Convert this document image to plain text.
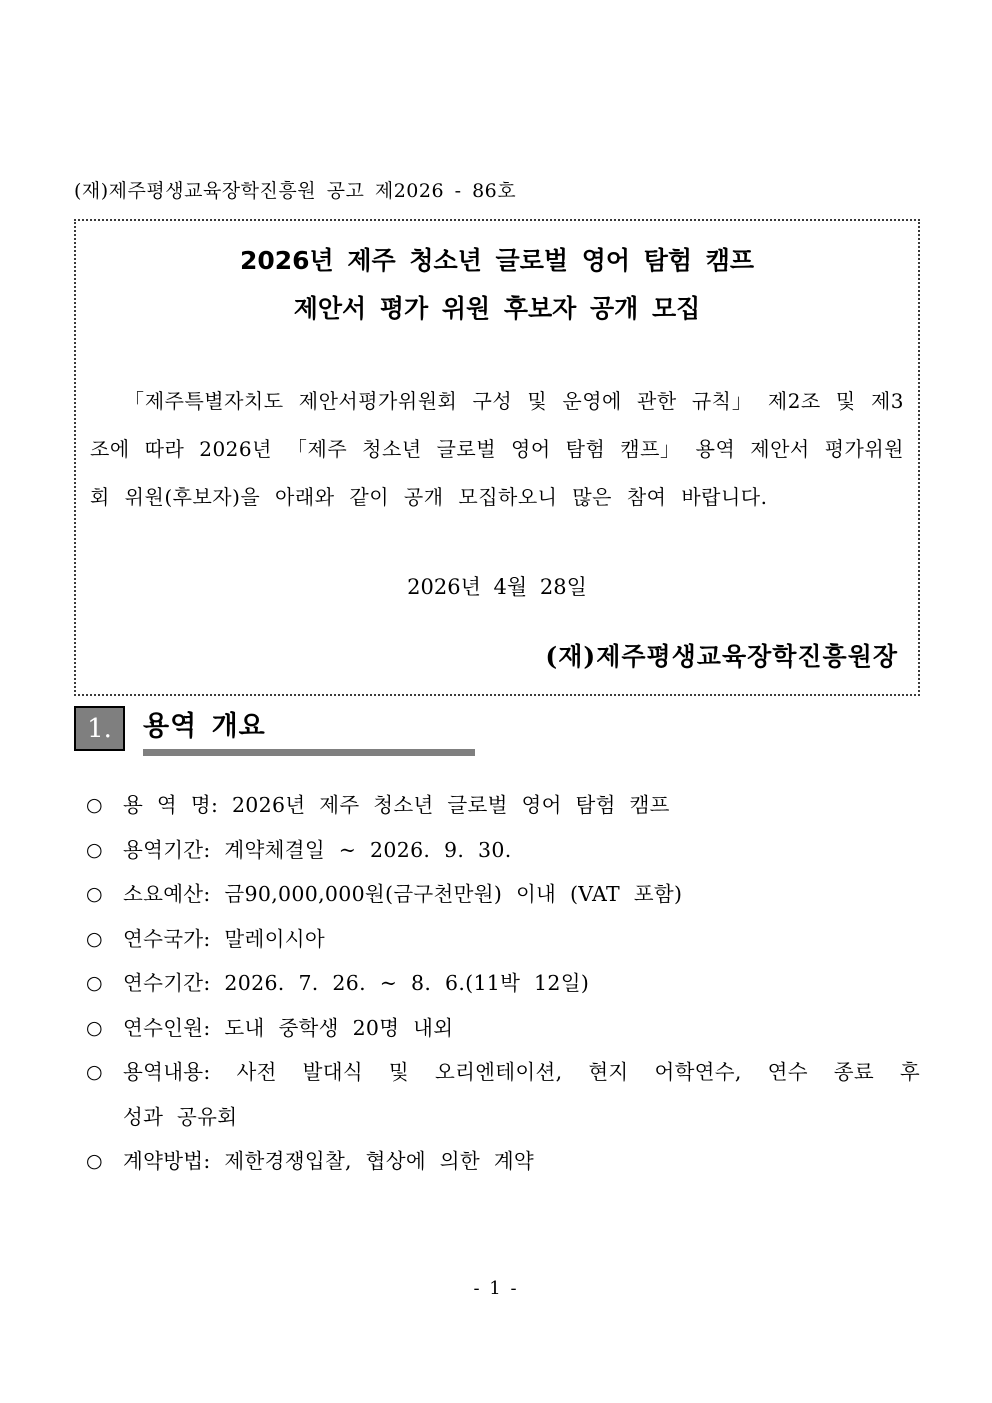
(재)제주평생교육장학진흥원 공고 제2026 - 86호
2026년 제주 청소년 글로벌 영어 탐험 캠프
제안서 평가 위원 후보자 공개 모집
「제주특별자치도 제안서평가위원회 구성 및 운영에 관한 규칙」 제2조 및 제3조에 따라 2026년 「제주 청소년 글로벌 영어 탐험 캠프」 용역 제안서 평가위원회 위원(후보자)을 아래와 같이 공개 모집하오니 많은 참여 바랍니다.
2026년 4월 28일
(재)제주평생교육장학진흥원장
1.	용역 개요
○ 용 역 명: 2026년 제주 청소년 글로벌 영어 탐험 캠프
○ 용역기간: 계약체결일 ~ 2026. 9. 30.
○ 소요예산: 금90,000,000원(금구천만원) 이내 (VAT 포함)
○ 연수국가: 말레이시아
○ 연수기간: 2026. 7. 26. ~ 8. 6.(11박 12일)
○ 연수인원: 도내 중학생 20명 내외
○ 용역내용: 사전 발대식 및 오리엔테이션, 현지 어학연수, 연수 종료 후
성과 공유회
○ 계약방법: 제한경쟁입찰, 협상에 의한 계약
- 1 -
